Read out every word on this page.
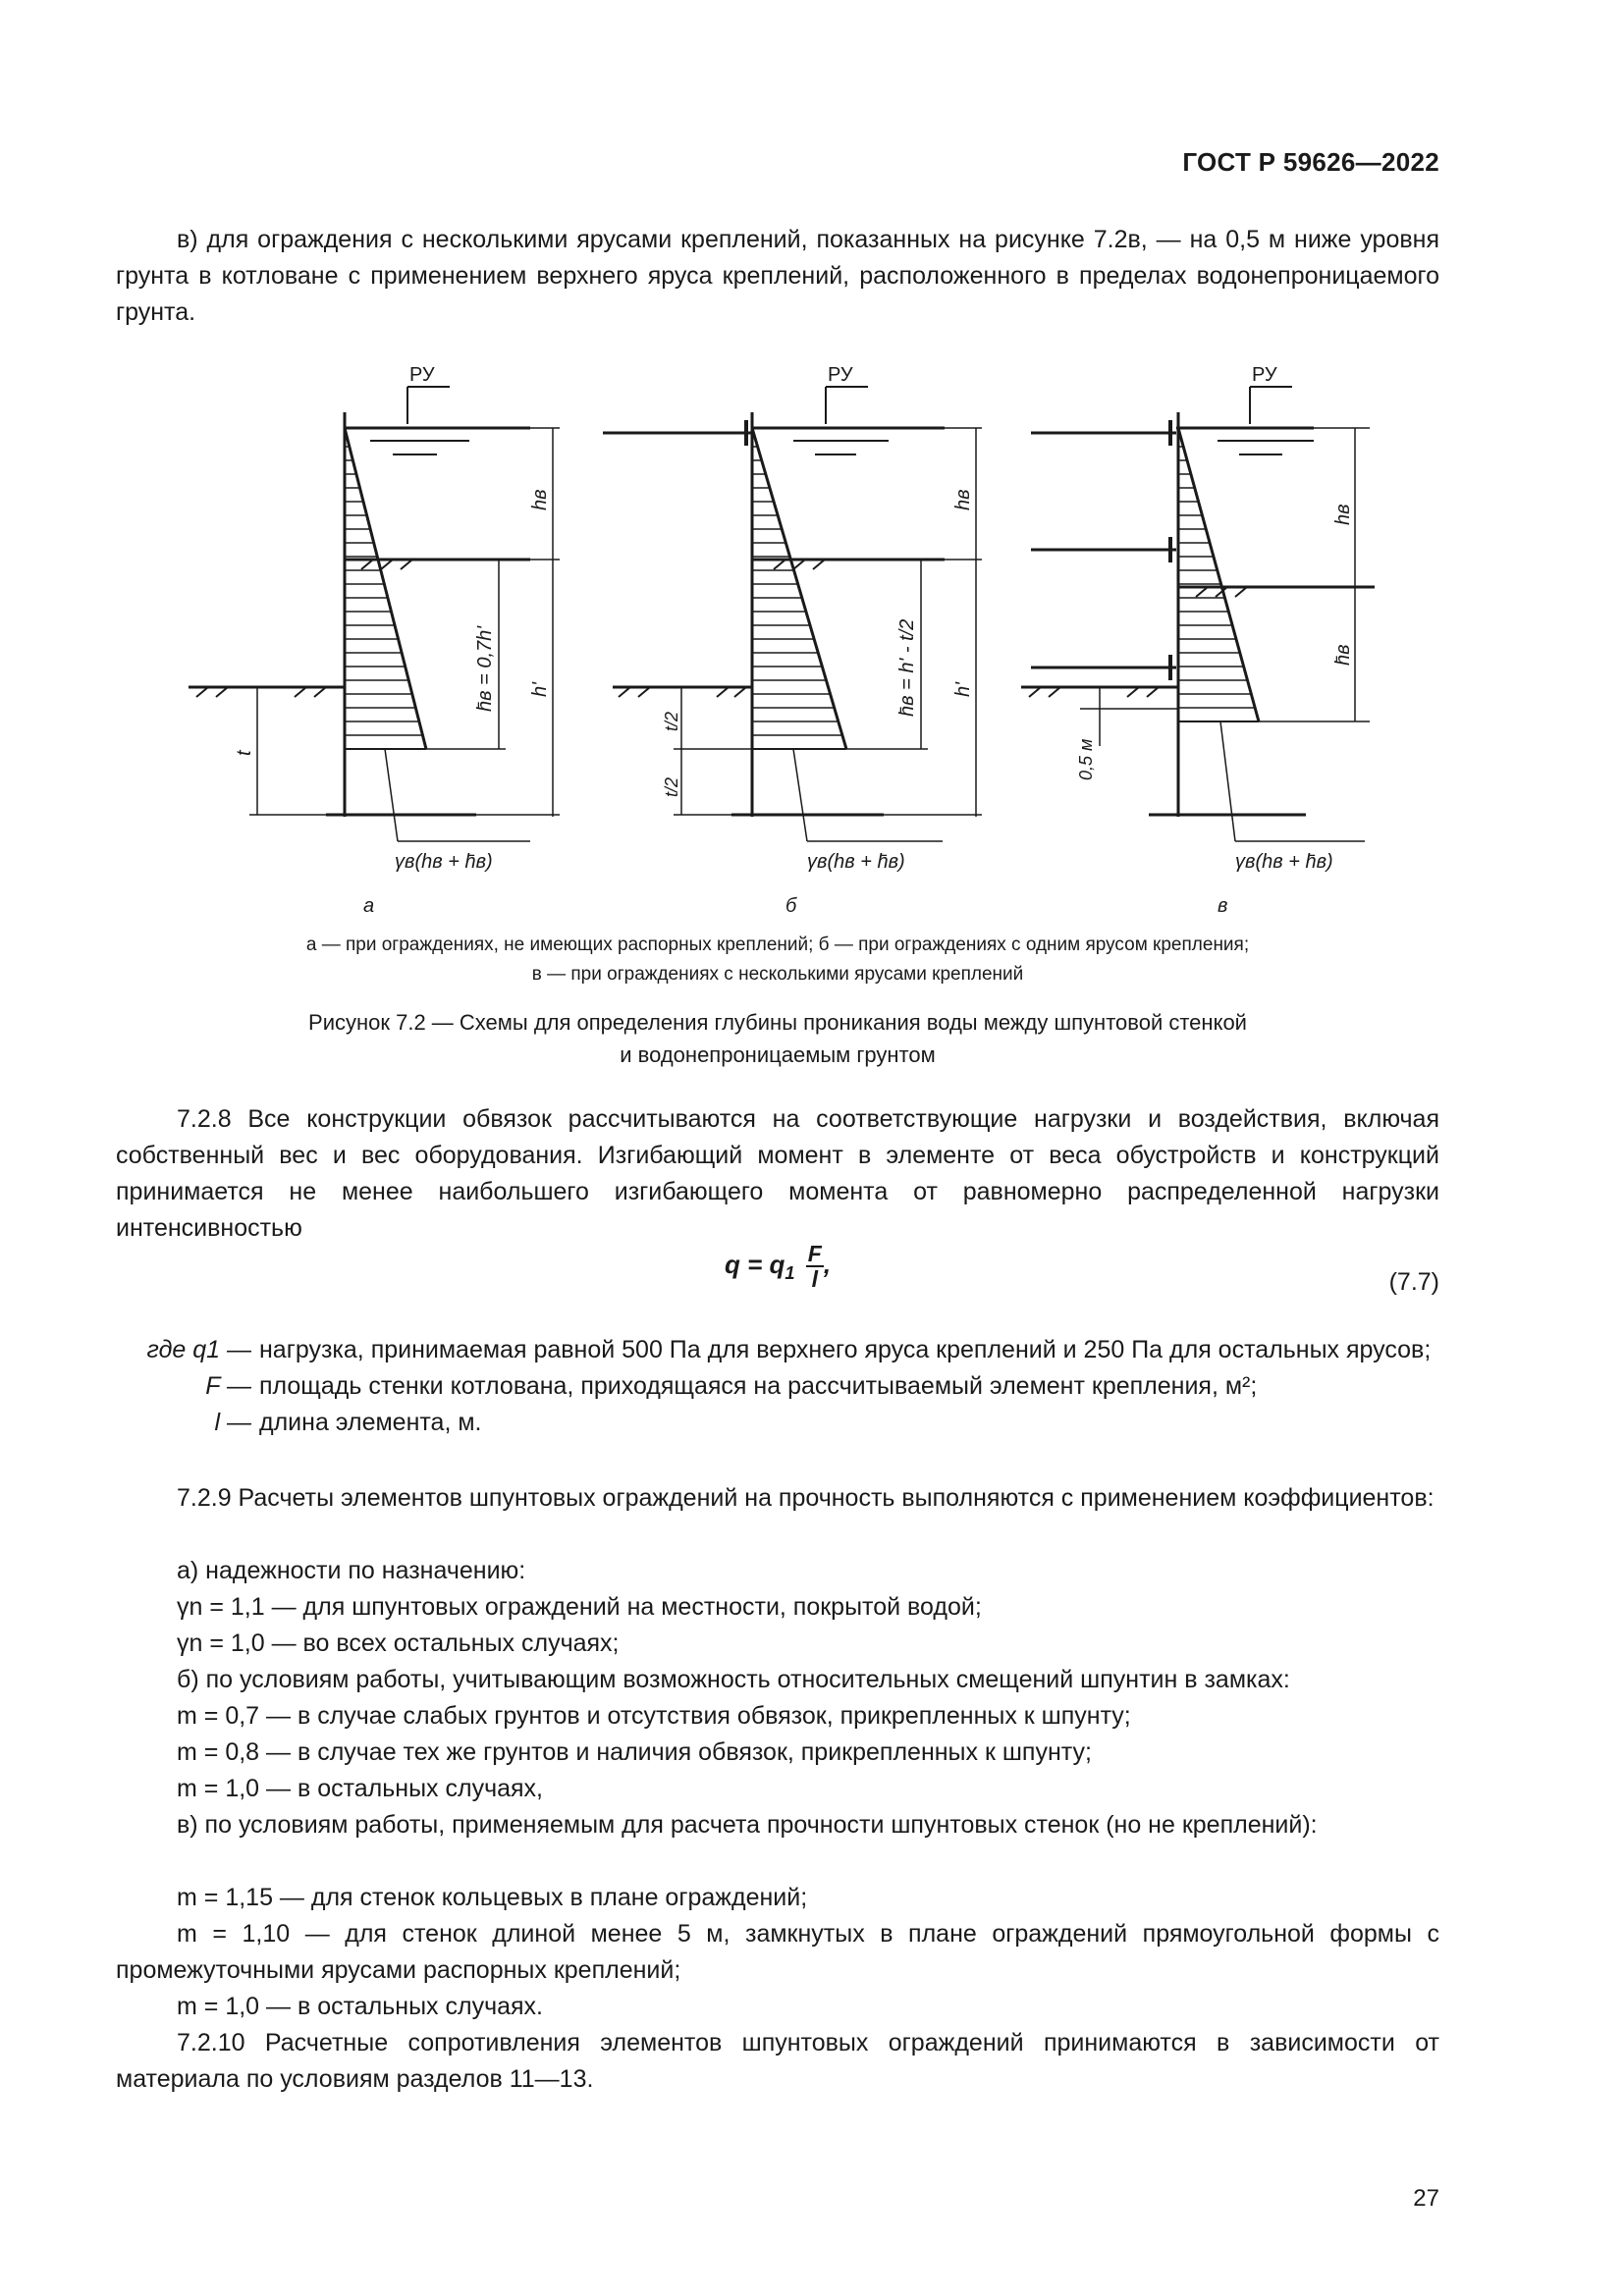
ГОСТ Р 59626—2022

в) для ограждения с несколькими ярусами креплений, показанных на рисунке 7.2в, — на 0,5 м ниже уровня грунта в котловане с применением верхнего яруса креплений, расположенного в пределах водонепроницаемого грунта.

РУ
hв
h'
h̄в = 0,7h'
t
γв(hв + h̄в)
РУ
hв
h'
h̄в = h' - t/2
t/2
t/2
γв(hв + h̄в)
РУ
hв
h̄в
0,5 м
γв(hв + h̄в)
а	б	в
а — при ограждениях, не имеющих распорных креплений; б — при ограждениях с одним ярусом крепления;
в — при ограждениях с несколькими ярусами креплений
Рисунок 7.2 — Схемы для определения глубины проникания воды между шпунтовой стенкой
и водонепроницаемым грунтом

7.2.8 Все конструкции обвязок рассчитываются на соответствующие нагрузки и воздействия, включая собственный вес и вес оборудования. Изгибающий момент в элементе от веса обустройств и конструкций принимается не менее наибольшего изгибающего момента от равномерно распределенной нагрузки интенсивностью

$q = q_1 \frac{F}{l}$ ,
(7.7)
где q1 — нагрузка, принимаемая равной 500 Па для верхнего яруса креплений и 250 Па для остальных ярусов;
F — площадь стенки котлована, приходящаяся на рассчитываемый элемент крепления, м²;
l — длина элемента, м.

7.2.9 Расчеты элементов шпунтовых ограждений на прочность выполняются с применением коэффициентов:

а) надежности по назначению:
γn = 1,1 — для шпунтовых ограждений на местности, покрытой водой;
γn = 1,0 — во всех остальных случаях;
б) по условиям работы, учитывающим возможность относительных смещений шпунтин в замках:
m = 0,7 — в случае слабых грунтов и отсутствия обвязок, прикрепленных к шпунту;
m = 0,8 — в случае тех же грунтов и наличия обвязок, прикрепленных к шпунту;
m = 1,0 — в остальных случаях,

в) по условиям работы, применяемым для расчета прочности шпунтовых стенок (но не креплений):

m = 1,15 — для стенок кольцевых в плане ограждений;

m = 1,10 — для стенок длиной менее 5 м, замкнутых в плане ограждений прямоугольной формы с промежуточными ярусами распорных креплений;

m = 1,0 — в остальных случаях.

7.2.10 Расчетные сопротивления элементов шпунтовых ограждений принимаются в зависимости от материала по условиям разделов 11—13.

27
